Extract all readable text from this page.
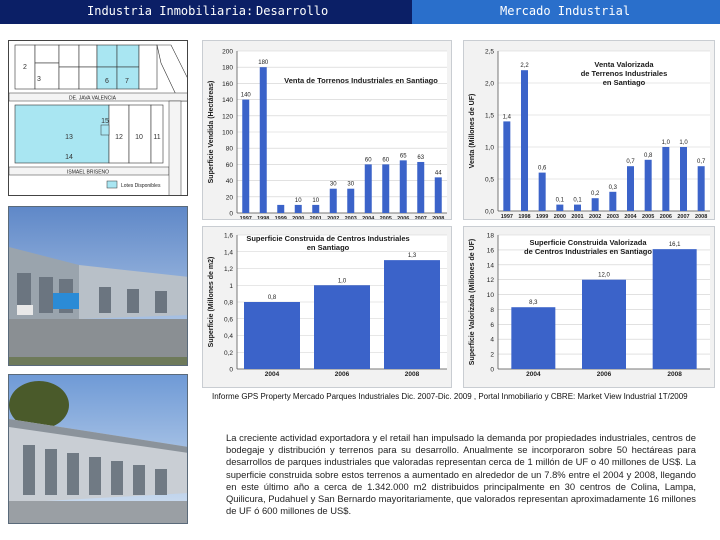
Industria Inmobiliaria: Desarrollo	Mercado Industrial
DE. JAVA VALENCIA
ISMAEL BRISENO
3	6 7
13
15
12 10 11
14
2
Lotes Disponibles
0
20
40
60
80
100
120
140
160
180
200
Superficie Vendida (Hectáreas)	140
1997
180
1998 1999
10
2000
10
2001
30
2002
30
2003
60
2004
60
2005
65
2006
63
2007
44
2008
Venta de Torrenos Industriales en Santiago
0,0
0,5
1,0
1,5
2,0
2,5
Venta (Millones de UF)	1,4
1997
2,2
1998
0,6
1999
0,1
2000
0,1
2001
0,2
2002
0,3
2003
0,7
2004
0,8
2005
1,0
2006
1,0
2007
0,7
2008
Venta Valorizada
de Terrenos Industriales
en Santiago
0
0,2
0,4
0,6
0,8
1
1,2
1,4
1,6
Superficie (Millones de m2)	0,8
2004
1,0
2006
1,3
2008
Superficie Construida de Centros Industriales
en Santiago
0
2
4
6
8
10
12
14
16
18
Superficie Valorizada (Millones de UF)	8,3
2004
12,0
2006
16,1
2008
Superficie Construida Valorizada
de Centros Industriales en Santiago
Informe GPS Property Mercado Parques Industriales Dic. 2007-Dic. 2009 , Portal Inmobiliario y CBRE: Market View Industrial 1T/2009
La creciente actividad exportadora y el retail han impulsado la demanda por propiedades industriales, centros de bodegaje y distribución y terrenos para su desarrollo. Anualmente se incorporaron sobre 50 hectáreas para desarrollos de parques industriales que valoradas representan cerca de 1 millón de UF o 40 millones de US$. La superficie construida sobre estos terrenos a aumentado en alrededor de un 7.8% entre el 2004 y 2008, llegando en este último año a cerca de 1.342.000 m2 distribuidos principalmente en 30 centros de Colina, Lampa, Quilicura, Pudahuel y San Bernardo mayoritariamente, que valorados representan aproximadamente 16 millones de UF ó 600 millones de US$.
